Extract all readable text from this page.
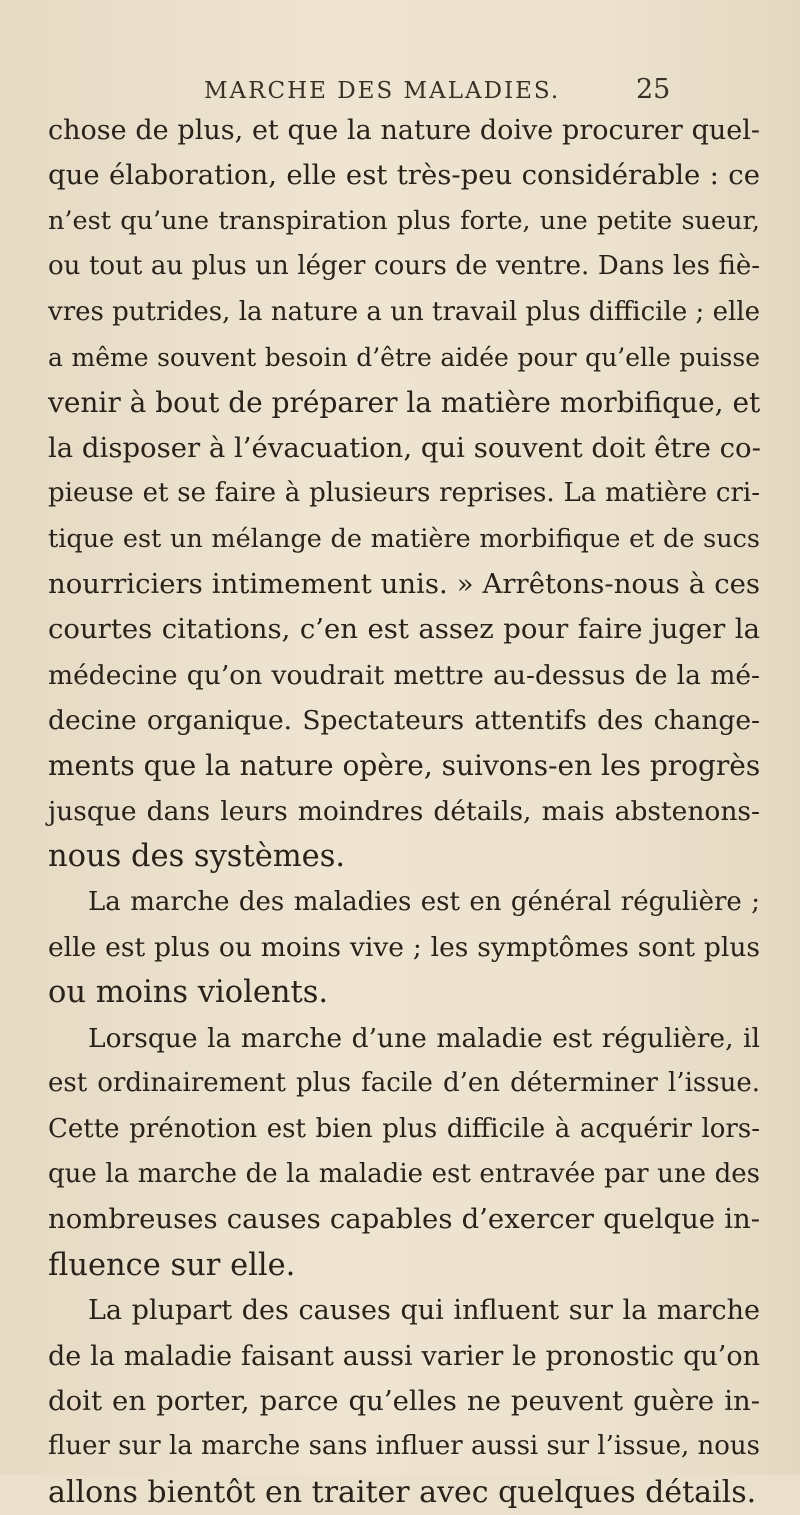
MARCHE DES MALADIES.	25
chose de plus, et que la nature doive procurer quel-
que élaboration, elle est très-peu considérable : ce
n’est qu’une transpiration plus forte, une petite sueur,
ou tout au plus un léger cours de ventre. Dans les fiè-
vres putrides, la nature a un travail plus difficile ; elle
a même souvent besoin d’être aidée pour qu’elle puisse
venir à bout de préparer la matière morbifique, et
la disposer à l’évacuation, qui souvent doit être co-
pieuse et se faire à plusieurs reprises. La matière cri-
tique est un mélange de matière morbifique et de sucs
nourriciers intimement unis. » Arrêtons-nous à ces
courtes citations, c’en est assez pour faire juger la
médecine qu’on voudrait mettre au-dessus de la mé-
decine organique. Spectateurs attentifs des change-
ments que la nature opère, suivons-en les progrès
jusque dans leurs moindres détails, mais abstenons-
nous des systèmes.
La marche des maladies est en général régulière ;
elle est plus ou moins vive ; les symptômes sont plus
ou moins violents.
Lorsque la marche d’une maladie est régulière, il
est ordinairement plus facile d’en déterminer l’issue.
Cette prénotion est bien plus difficile à acquérir lors-
que la marche de la maladie est entravée par une des
nombreuses causes capables d’exercer quelque in-
fluence sur elle.
La plupart des causes qui influent sur la marche
de la maladie faisant aussi varier le pronostic qu’on
doit en porter, parce qu’elles ne peuvent guère in-
fluer sur la marche sans influer aussi sur l’issue, nous
allons bientôt en traiter avec quelques détails.
